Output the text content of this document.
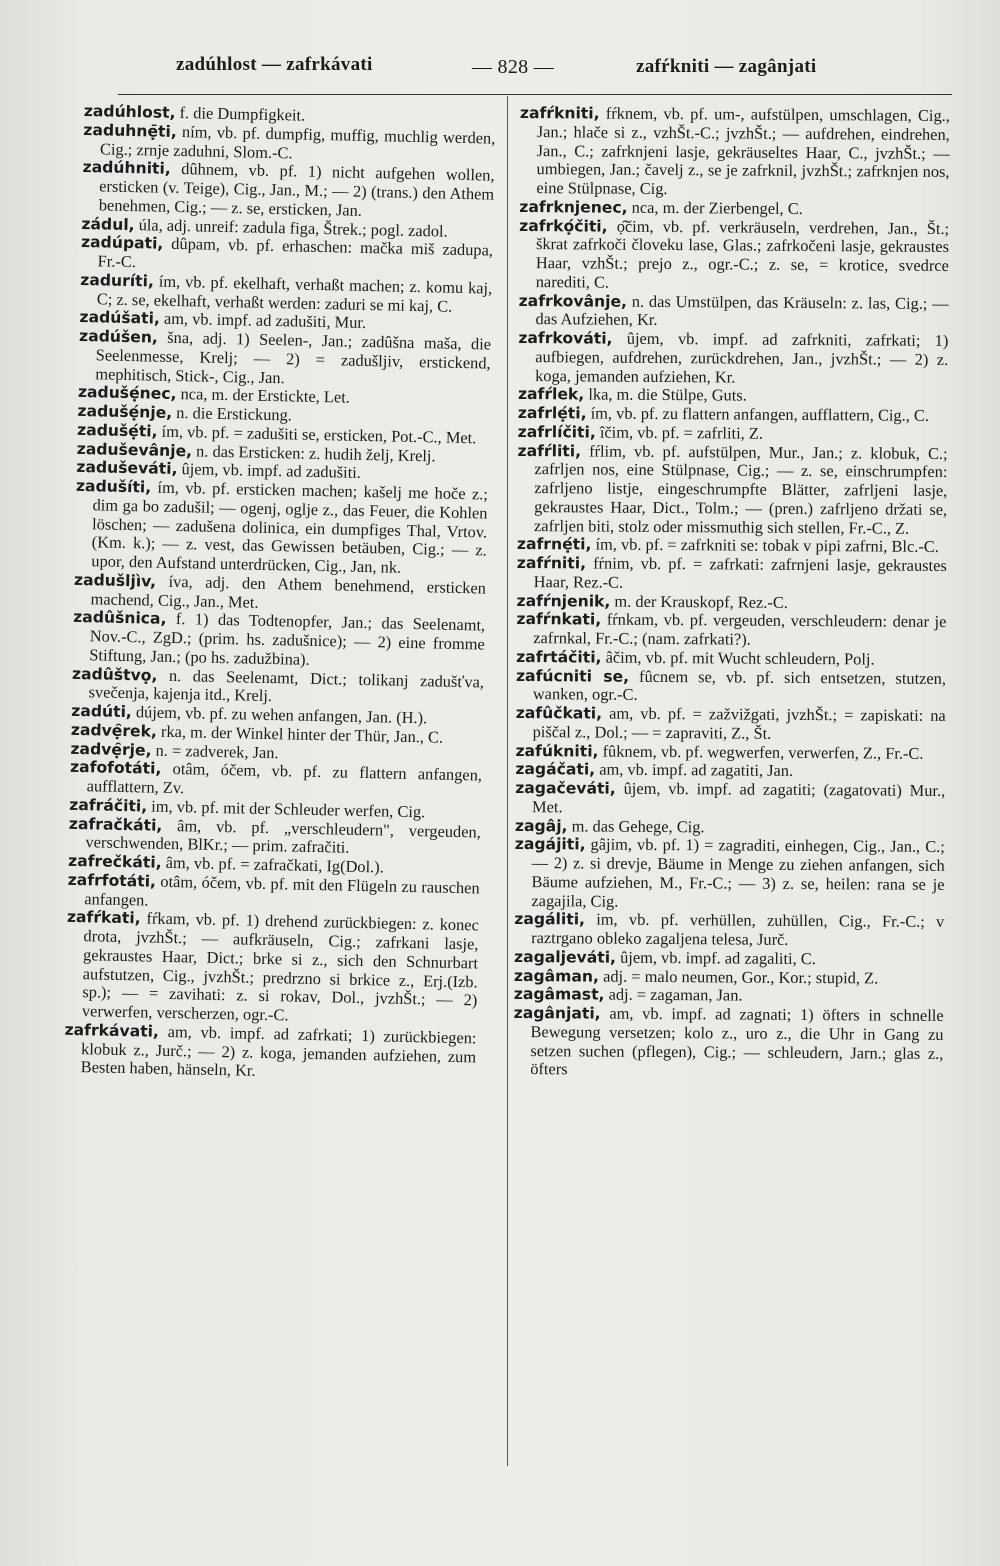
zadúhlost — zafrkávati	— 828 —	zafŕkniti — zagânjati

zadúhlost, f. die Dumpfigkeit.

zaduhnẹ̄ti, ním, vb. pf. dumpfig, muffig, muchlig werden, Cig.; zrnje zaduhni, Slom.-C.

zadúhniti, dûhnem, vb. pf. 1) nicht aufgehen wollen, ersticken (v. Teige), Cig., Jan., M.; — 2) (trans.) den Athem benehmen, Cig.; — z. se, ersticken, Jan.

zádul, úla, adj. unreif: zadula figa, Štrek.; pogl. zadol.

zadúpati, dûpam, vb. pf. erhaschen: mačka miš zadupa, Fr.-C.

zaduríti, ím, vb. pf. ekelhaft, verhaßt machen; z. komu kaj, C; z. se, ekelhaft, verhaßt werden: zaduri se mi kaj, C.

zadúšati, am, vb. impf. ad zadušiti, Mur.

zadúšen, šna, adj. 1) Seelen-, Jan.; zadûšna maša, die Seelenmesse, Krelj; — 2) = zadušljiv, erstickend, mephitisch, Stick-, Cig., Jan.

zadušẹ́nec, nca, m. der Erstickte, Let.

zadušẹ́nje, n. die Erstickung.

zadušẹ́ti, ím, vb. pf. = zadušiti se, ersticken, Pot.-C., Met.

zaduševânje, n. das Ersticken: z. hudih želj, Krelj.

zaduševáti, ûjem, vb. impf. ad zadušiti.

zadušíti, ím, vb. pf. ersticken machen; kašelj me hoče z.; dim ga bo zadušil; — ogenj, oglje z., das Feuer, die Kohlen löschen; — zadušena dolinica, ein dumpfiges Thal, Vrtov. (Km. k.); — z. vest, das Gewissen betäuben, Cig.; — z. upor, den Aufstand unterdrücken, Cig., Jan, nk.

zadušljìv, íva, adj. den Athem benehmend, ersticken machend, Cig., Jan., Met.

zadûšnica, f. 1) das Todtenopfer, Jan.; das Seelenamt, Nov.-C., ZgD.; (prim. hs. zadušnice); — 2) eine fromme Stiftung, Jan.; (po hs. zadužbina).

zadûštvọ, n. das Seelenamt, Dict.; tolikanj zadušťva, svečenja, kajenja itd., Krelj.

zadúti, dújem, vb. pf. zu wehen anfangen, Jan. (H.).

zadvẹ̑rek, rka, m. der Winkel hinter der Thür, Jan., C.

zadvẹ̑rje, n. = zadverek, Jan.

zafofotáti, otâm, óčem, vb. pf. zu flattern anfangen, aufflattern, Zv.

zafráčiti, im, vb. pf. mit der Schleuder werfen, Cig.

zafračkáti, âm, vb. pf. „verschleudern", vergeuden, verschwenden, BlKr.; — prim. zafračiti.

zafrečkáti, âm, vb. pf. = zafračkati, Ig(Dol.).

zafrfotáti, otâm, óčem, vb. pf. mit den Flügeln zu rauschen anfangen.

zafŕkati, fŕkam, vb. pf. 1) drehend zurückbiegen: z. konec drota, jvzhŠt.; — aufkräuseln, Cig.; zafrkani lasje, gekraustes Haar, Dict.; brke si z., sich den Schnurbart aufstutzen, Cig., jvzhŠt.; predrzno si brkice z., Erj.(Izb. sp.); — = zavihati: z. si rokav, Dol., jvzhŠt.; — 2) verwerfen, verscherzen, ogr.-C.

zafrkávati, am, vb. impf. ad zafrkati; 1) zurückbiegen: klobuk z., Jurč.; — 2) z. koga, jemanden aufziehen, zum Besten haben, hänseln, Kr.

zafŕkniti, fŕknem, vb. pf. um-, aufstülpen, umschlagen, Cig., Jan.; hlače si z., vzhŠt.-C.; jvzhŠt.; — aufdrehen, eindrehen, Jan., C.; zafrknjeni lasje, gekräuseltes Haar, C., jvzhŠt.; — umbiegen, Jan.; čavelj z., se je zafrknil, jvzhŠt.; zafrknjen nos, eine Stülpnase, Cig.

zafrknjenec, nca, m. der Zierbengel, C.

zafrkọ́čiti, ọ̑čim, vb. pf. verkräuseln, verdrehen, Jan., Št.; škrat zafrkoči človeku lase, Glas.; zafrkočeni lasje, gekraustes Haar, vzhŠt.; prejo z., ogr.-C.; z. se, = krotice, svedrce narediti, C.

zafrkovânje, n. das Umstülpen, das Kräuseln: z. las, Cig.; — das Aufziehen, Kr.

zafrkováti, ûjem, vb. impf. ad zafrkniti, zafrkati; 1) aufbiegen, aufdrehen, zurückdrehen, Jan., jvzhŠt.; — 2) z. koga, jemanden aufziehen, Kr.

zafŕlek, lka, m. die Stülpe, Guts.

zafrlẹ́ti, ím, vb. pf. zu flattern anfangen, aufflattern, Cig., C.

zafrlíčiti, îčim, vb. pf. = zafrliti, Z.

zafŕliti, fŕlim, vb. pf. aufstülpen, Mur., Jan.; z. klobuk, C.; zafrljen nos, eine Stülpnase, Cig.; — z. se, einschrumpfen: zafrljeno listje, eingeschrumpfte Blätter, zafrljeni lasje, gekraustes Haar, Dict., Tolm.; — (pren.) zafrljeno držati se, zafrljen biti, stolz oder missmuthig sich stellen, Fr.-C., Z.

zafrnẹ́ti, ím, vb. pf. = zafrkniti se: tobak v pipi zafrni, Blc.-C.

zafŕniti, fŕnim, vb. pf. = zafrkati: zafrnjeni lasje, gekraustes Haar, Rez.-C.

zafŕnjenik, m. der Krauskopf, Rez.-C.

zafŕnkati, fŕnkam, vb. pf. vergeuden, verschleudern: denar je zafrnkal, Fr.-C.; (nam. zafrkati?).

zafrtáčiti, âčim, vb. pf. mit Wucht schleudern, Polj.

zafúcniti se, fûcnem se, vb. pf. sich entsetzen, stutzen, wanken, ogr.-C.

zafûčkati, am, vb. pf. = zažvižgati, jvzhŠt.; = zapiskati: na piščal z., Dol.; — = zapraviti, Z., Št.

zafúkniti, fûknem, vb. pf. wegwerfen, verwerfen, Z., Fr.-C.

zagáčati, am, vb. impf. ad zagatiti, Jan.

zagačeváti, ûjem, vb. impf. ad zagatiti; (zagatovati) Mur., Met.

zagâj, m. das Gehege, Cig.

zagájiti, gâjim, vb. pf. 1) = zagraditi, einhegen, Cig., Jan., C.; — 2) z. si drevje, Bäume in Menge zu ziehen anfangen, sich Bäume aufziehen, M., Fr.-C.; — 3) z. se, heilen: rana se je zagajila, Cig.

zagáliti, im, vb. pf. verhüllen, zuhüllen, Cig., Fr.-C.; v raztrgano obleko zagaljena telesa, Jurč.

zagaljeváti, ûjem, vb. impf. ad zagaliti, C.

zagâman, adj. = malo neumen, Gor., Kor.; stupid, Z.

zagâmast, adj. = zagaman, Jan.

zagânjati, am, vb. impf. ad zagnati; 1) öfters in schnelle Bewegung versetzen; kolo z., uro z., die Uhr in Gang zu setzen suchen (pflegen), Cig.; — schleudern, Jarn.; glas z., öfters
